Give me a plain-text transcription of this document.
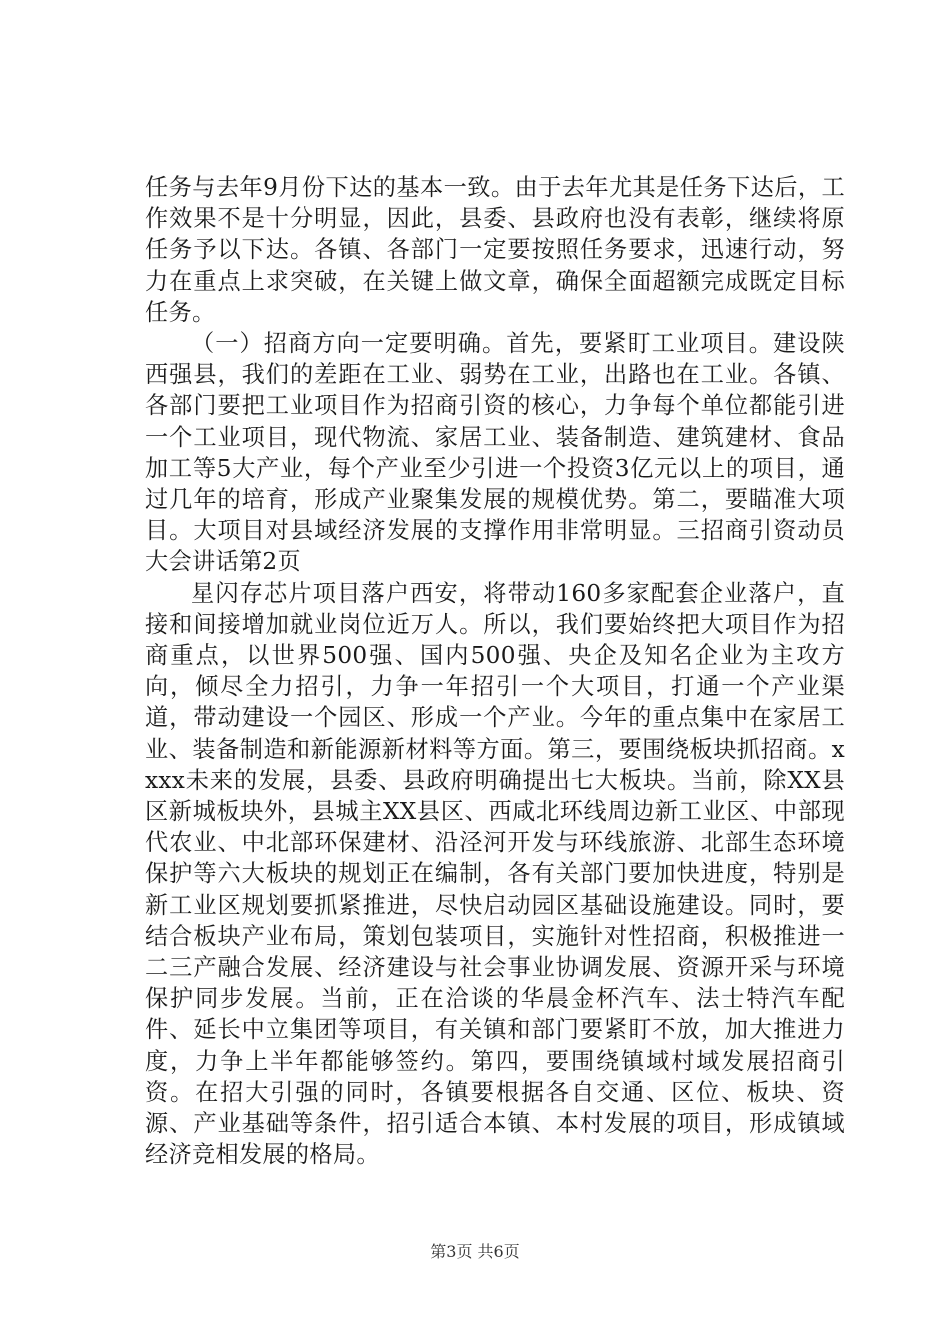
任务与去年9月份下达的基本一致。由于去年尤其是任务下达后，工作效果不是十分明显，因此，县委、县政府也没有表彰，继续将原任务予以下达。各镇、各部门一定要按照任务要求，迅速行动，努力在重点上求突破，在关键上做文章，确保全面超额完成既定目标任务。

（一）招商方向一定要明确。首先，要紧盯工业项目。建设陕西强县，我们的差距在工业、弱势在工业，出路也在工业。各镇、各部门要把工业项目作为招商引资的核心，力争每个单位都能引进一个工业项目，现代物流、家居工业、装备制造、建筑建材、食品加工等5大产业，每个产业至少引进一个投资3亿元以上的项目，通过几年的培育，形成产业聚集发展的规模优势。第二，要瞄准大项目。大项目对县域经济发展的支撑作用非常明显。三招商引资动员大会讲话第2页

星闪存芯片项目落户西安，将带动160多家配套企业落户，直接和间接增加就业岗位近万人。所以，我们要始终把大项目作为招商重点，以世界500强、国内500强、央企及知名企业为主攻方向，倾尽全力招引，力争一年招引一个大项目，打通一个产业渠道，带动建设一个园区、形成一个产业。今年的重点集中在家居工业、装备制造和新能源新材料等方面。第三，要围绕板块抓招商。xxxx未来的发展，县委、县政府明确提出七大板块。当前，除XX县区新城板块外，县城主XX县区、西咸北环线周边新工业区、中部现代农业、中北部环保建材、沿泾河开发与环线旅游、北部生态环境保护等六大板块的规划正在编制，各有关部门要加快进度，特别是新工业区规划要抓紧推进，尽快启动园区基础设施建设。同时，要结合板块产业布局，策划包装项目，实施针对性招商，积极推进一二三产融合发展、经济建设与社会事业协调发展、资源开采与环境保护同步发展。当前，正在洽谈的华晨金杯汽车、法士特汽车配件、延长中立集团等项目，有关镇和部门要紧盯不放，加大推进力度，力争上半年都能够签约。第四，要围绕镇域村域发展招商引资。在招大引强的同时，各镇要根据各自交通、区位、板块、资源、产业基础等条件，招引适合本镇、本村发展的项目，形成镇域经济竞相发展的格局。

第3页 共6页
